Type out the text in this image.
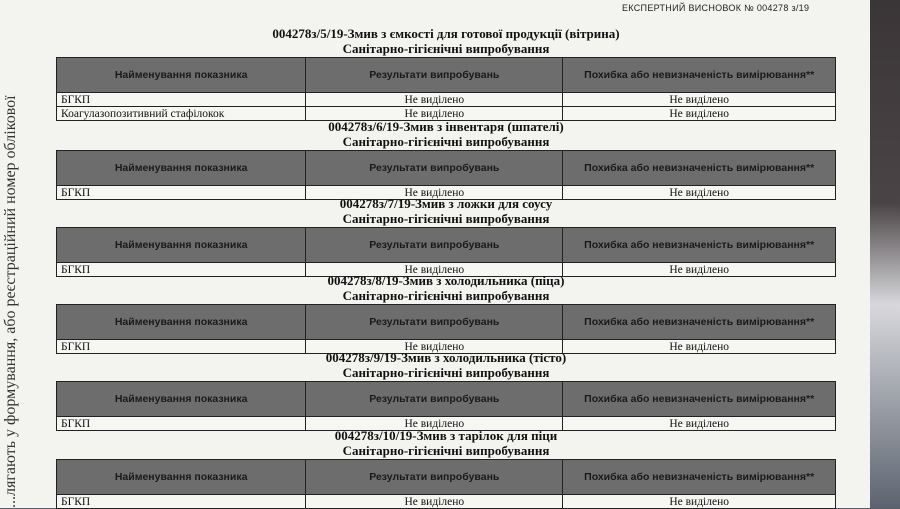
...лягають у формування, або реєстраційний номер облікової
ЕКСПЕРТНИЙ ВИСНОВОК № 004278 з/19
004278з/5/19-Змив з ємкості для готової продукції (вітрина)
Санітарно-гігієнічні випробування
Найменування показника	Результати випробувань	Похибка або невизначеність вимірювання**
БГКП	Не виділено	Не виділено
Коагулазопозитивний стафілокок	Не виділено	Не виділено
004278з/6/19-Змив з інвентаря (шпателі)
Санітарно-гігієнічні випробування
Найменування показника	Результати випробувань	Похибка або невизначеність вимірювання**
БГКП	Не виділено	Не виділено
004278з/7/19-Змив з ложки для соусу
Санітарно-гігієнічні випробування
Найменування показника	Результати випробувань	Похибка або невизначеність вимірювання**
БГКП	Не виділено	Не виділено
004278з/8/19-Змив з холодильника (піца)
Санітарно-гігієнічні випробування
Найменування показника	Результати випробувань	Похибка або невизначеність вимірювання**
БГКП	Не виділено	Не виділено
004278з/9/19-Змив з холодильника (тісто)
Санітарно-гігієнічні випробування
Найменування показника	Результати випробувань	Похибка або невизначеність вимірювання**
БГКП	Не виділено	Не виділено
004278з/10/19-Змив з тарілок для піци
Санітарно-гігієнічні випробування
Найменування показника	Результати випробувань	Похибка або невизначеність вимірювання**
БГКП	Не виділено	Не виділено
